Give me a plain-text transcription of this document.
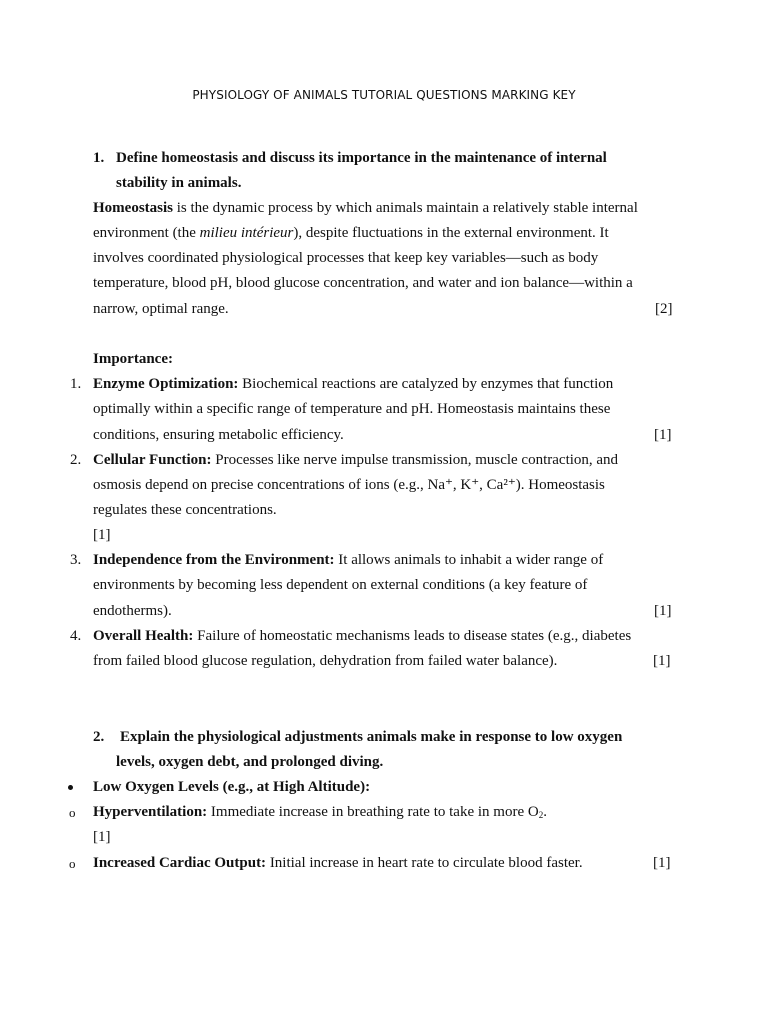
PHYSIOLOGY OF ANIMALS TUTORIAL QUESTIONS MARKING KEY
1. Define homeostasis and discuss its importance in the maintenance of internal
stability in animals.
Homeostasis is the dynamic process by which animals maintain a relatively stable internal
environment (the milieu intérieur), despite fluctuations in the external environment. It
involves coordinated physiological processes that keep key variables—such as body
temperature, blood pH, blood glucose concentration, and water and ion balance—within a
narrow, optimal range.	[2]
Importance:
1. Enzyme Optimization: Biochemical reactions are catalyzed by enzymes that function
optimally within a specific range of temperature and pH. Homeostasis maintains these
conditions, ensuring metabolic efficiency.	[1]
2. Cellular Function: Processes like nerve impulse transmission, muscle contraction, and
osmosis depend on precise concentrations of ions (e.g., Na⁺, K⁺, Ca²⁺). Homeostasis
regulates these concentrations.
[1]
3. Independence from the Environment: It allows animals to inhabit a wider range of
environments by becoming less dependent on external conditions (a key feature of
endotherms).	[1]
4. Overall Health: Failure of homeostatic mechanisms leads to disease states (e.g., diabetes
from failed blood glucose regulation, dehydration from failed water balance).	[1]
2. Explain the physiological adjustments animals make in response to low oxygen
levels, oxygen debt, and prolonged diving.
Low Oxygen Levels (e.g., at High Altitude):
o Hyperventilation: Immediate increase in breathing rate to take in more $O_2$.
[1]
o Increased Cardiac Output: Initial increase in heart rate to circulate blood faster.	[1]
